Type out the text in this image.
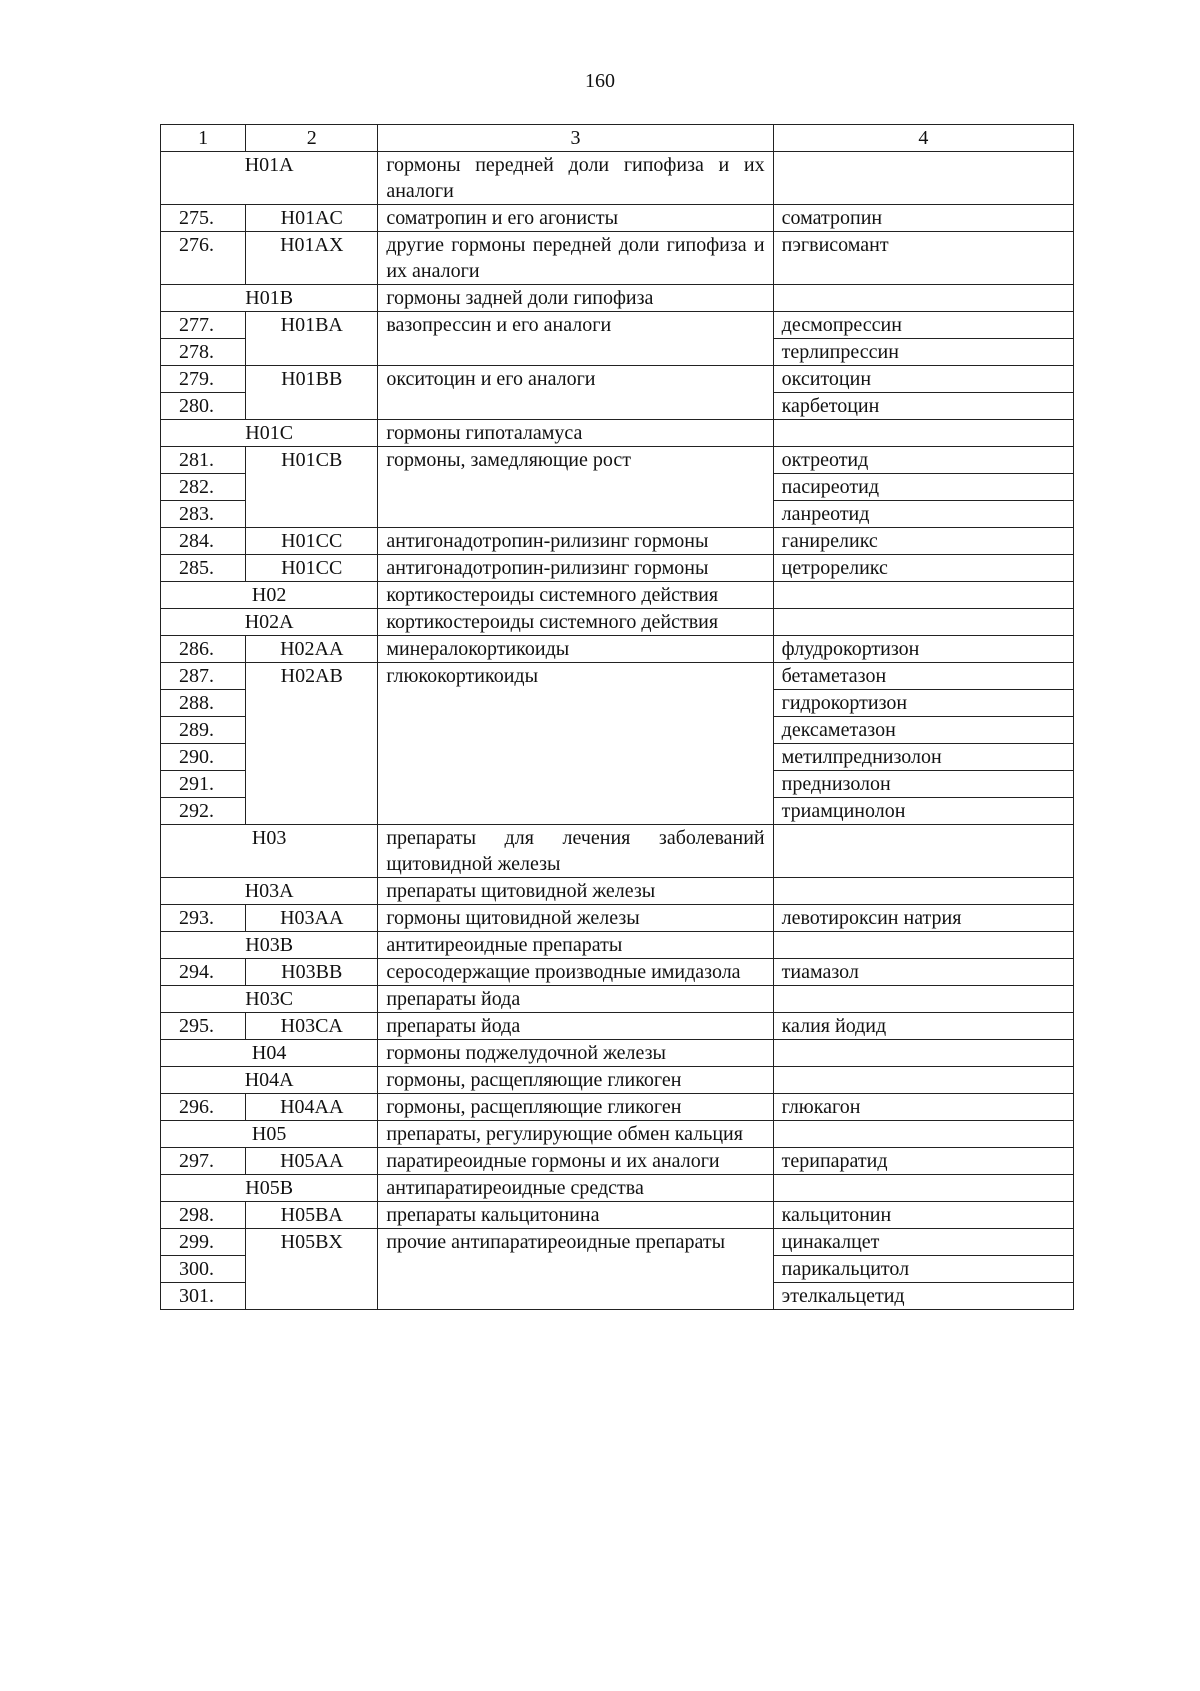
160
1	2	3	4
H01A		гормоны передней доли гипофиза и их аналоги	
275.	H01AC	соматропин и его агонисты	соматропин
276.	H01AX	другие гормоны передней доли гипофиза и их аналоги	пэгвисомант
H01B		гормоны задней доли гипофиза	
277.	H01BA	вазопрессин и его аналоги	десмопрессин
278.			терлипрессин
279.	H01BB	окситоцин и его аналоги	окситоцин
280.			карбетоцин
H01C		гормоны гипоталамуса	
281.	H01CB	гормоны, замедляющие рост	октреотид
282.			пасиреотид
283.			ланреотид
284.	H01CC	антигонадотропин-рилизинг гормоны	ганиреликс
285.	H01CC	антигонадотропин-рилизинг гормоны	цетрореликс
H02		кортикостероиды системного действия	
H02A		кортикостероиды системного действия	
286.	H02AA	минералокортикоиды	флудрокортизон
287.	H02AB	глюкокортикоиды	бетаметазон
288.			гидрокортизон
289.			дексаметазон
290.			метилпреднизолон
291.			преднизолон
292.			триамцинолон
H03		препараты для лечения заболеваний щитовидной железы	
H03A		препараты щитовидной железы	
293.	H03AA	гормоны щитовидной железы	левотироксин натрия
H03B		антитиреоидные препараты	
294.	H03BB	серосодержащие производные имидазола	тиамазол
H03C		препараты йода	
295.	H03CA	препараты йода	калия йодид
H04		гормоны поджелудочной железы	
H04A		гормоны, расщепляющие гликоген	
296.	H04AA	гормоны, расщепляющие гликоген	глюкагон
H05		препараты, регулирующие обмен кальция	
297.	H05AA	паратиреоидные гормоны и их аналоги	терипаратид
H05B		антипаратиреоидные средства	
298.	H05BA	препараты кальцитонина	кальцитонин
299.	H05BX	прочие антипаратиреоидные препараты	цинакалцет
300.			парикальцитол
301.			этелкальцетид
